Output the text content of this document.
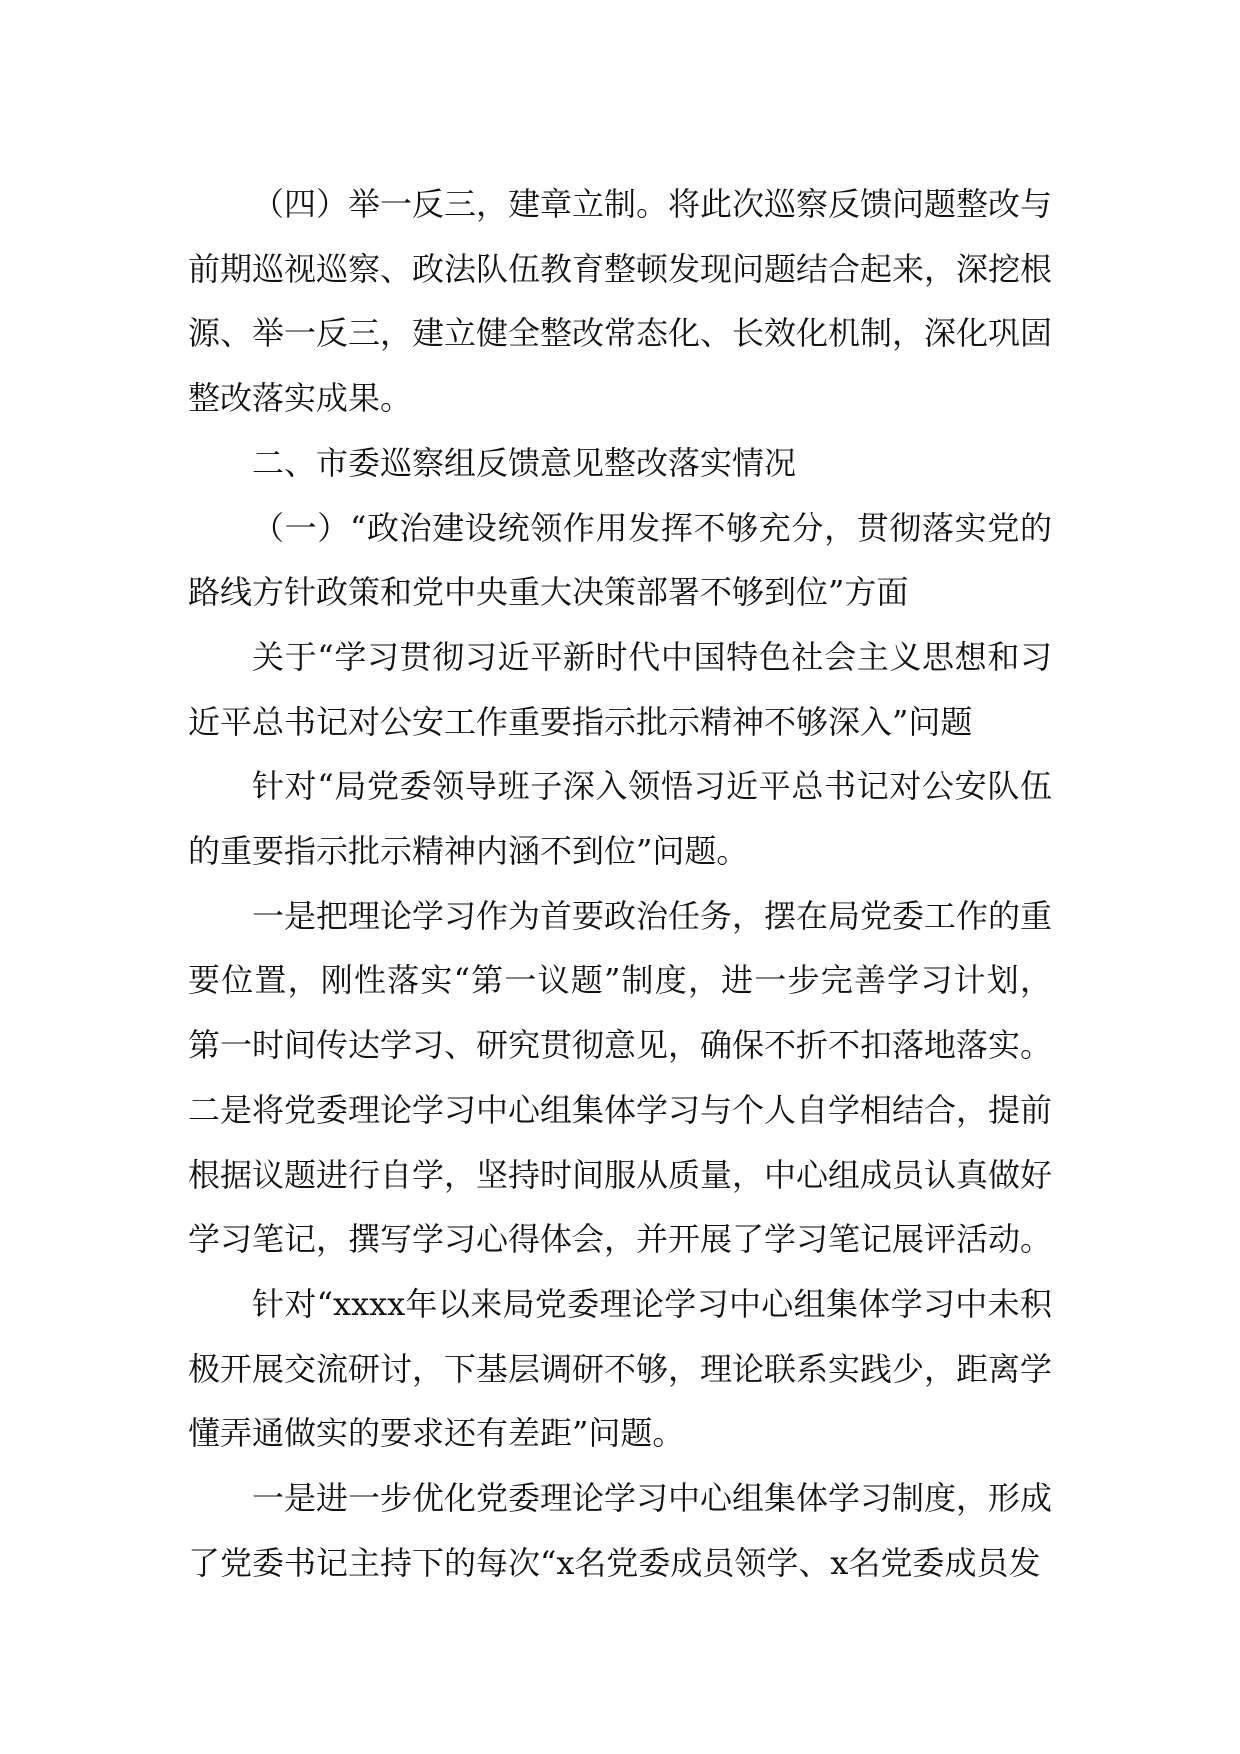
（四）举一反三，建章立制。将此次巡察反馈问题整改与前期巡视巡察、政法队伍教育整顿发现问题结合起来，深挖根源、举一反三，建立健全整改常态化、长效化机制，深化巩固整改落实成果。

二、市委巡察组反馈意见整改落实情况

（一）“政治建设统领作用发挥不够充分，贯彻落实党的路线方针政策和党中央重大决策部署不够到位”方面

关于“学习贯彻习近平新时代中国特色社会主义思想和习近平总书记对公安工作重要指示批示精神不够深入”问题

针对“局党委领导班子深入领悟习近平总书记对公安队伍的重要指示批示精神内涵不到位”问题。

一是把理论学习作为首要政治任务，摆在局党委工作的重要位置，刚性落实“第一议题”制度，进一步完善学习计划，第一时间传达学习、研究贯彻意见，确保不折不扣落地落实。二是将党委理论学习中心组集体学习与个人自学相结合，提前根据议题进行自学，坚持时间服从质量，中心组成员认真做好学习笔记，撰写学习心得体会，并开展了学习笔记展评活动。

针对“xxxx年以来局党委理论学习中心组集体学习中未积极开展交流研讨，下基层调研不够，理论联系实践少，距离学懂弄通做实的要求还有差距”问题。

一是进一步优化党委理论学习中心组集体学习制度，形成了党委书记主持下的每次“x名党委成员领学、x名党委成员发
